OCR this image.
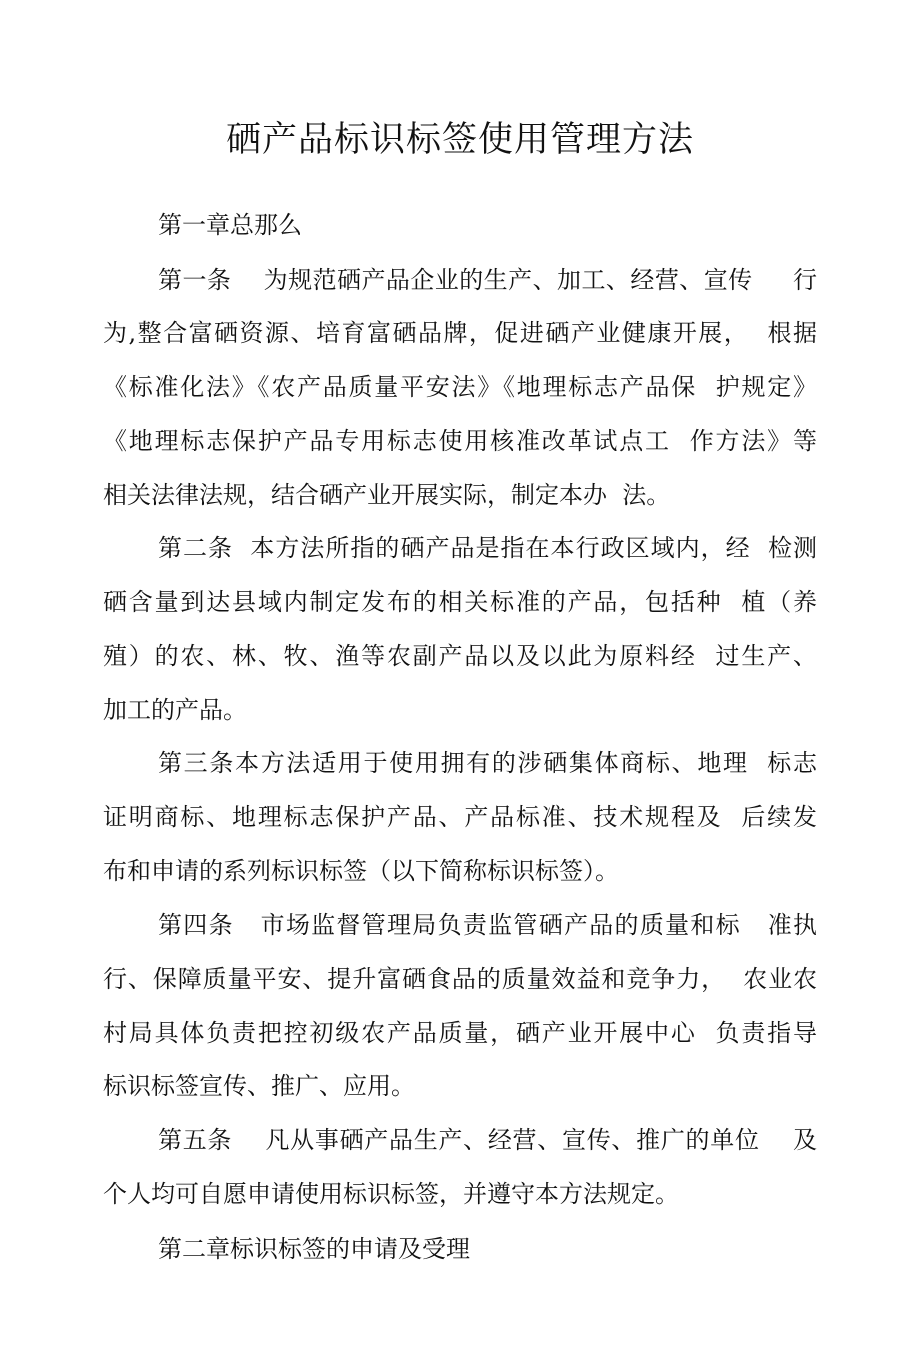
硒产品标识标签使用管理方法

第一章总那么

第一条    为规范硒产品企业的生产、加工、经营、宣传     行

为,整合富硒资源、培育富硒品牌，促进硒产业健康开展，  根据

《标准化法》《农产品质量平安法》《地理标志产品保  护规定》

《地理标志保护产品专用标志使用核准改革试点工  作方法》等

相关法律法规，结合硒产业开展实际，制定本办  法。

第二条  本方法所指的硒产品是指在本行政区域内，经  检测

硒含量到达县域内制定发布的相关标准的产品，包括种  植（养

殖）的农、林、牧、渔等农副产品以及以此为原料经  过生产、

加工的产品。

第三条本方法适用于使用拥有的涉硒集体商标、地理  标志

证明商标、地理标志保护产品、产品标准、技术规程及  后续发

布和申请的系列标识标签（以下简称标识标签）。

第四条   市场监督管理局负责监管硒产品的质量和标   准执

行、保障质量平安、提升富硒食品的质量效益和竞争力，  农业农

村局具体负责把控初级农产品质量，硒产业开展中心  负责指导

标识标签宣传、推广、应用。

第五条    凡从事硒产品生产、经营、宣传、推广的单位    及

个人均可自愿申请使用标识标签，并遵守本方法规定。

第二章标识标签的申请及受理
